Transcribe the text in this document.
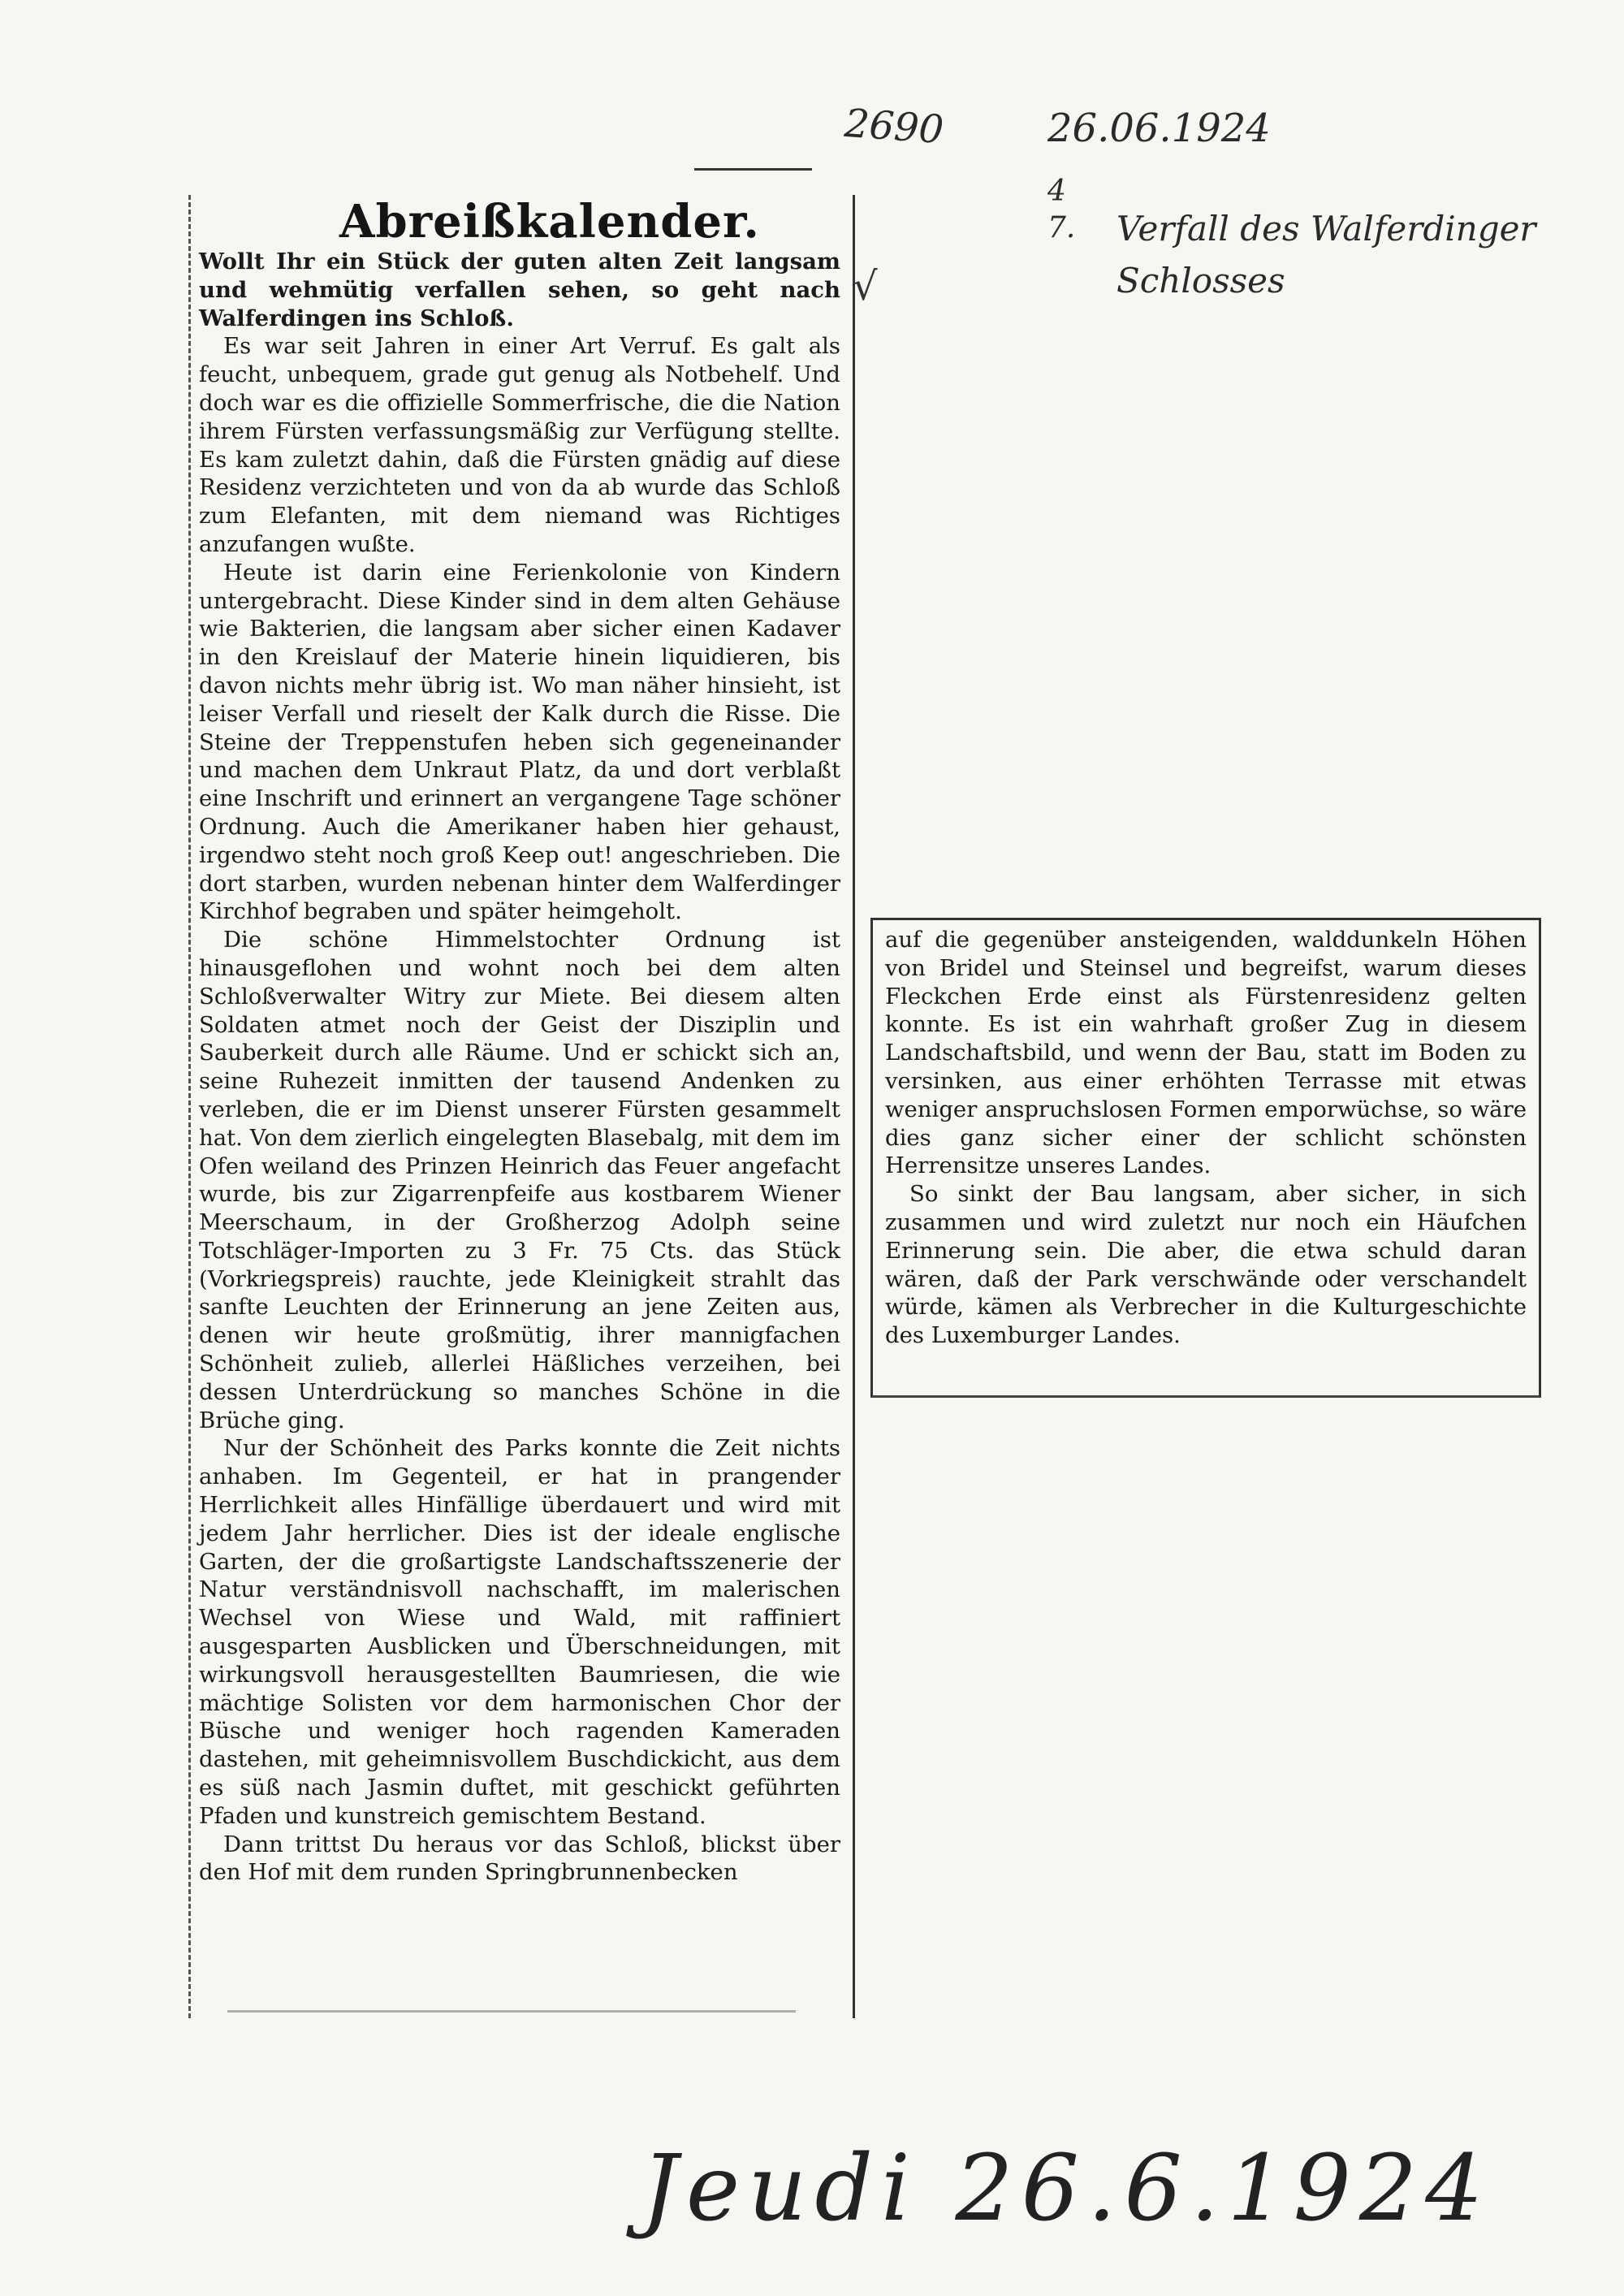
2690	26.06.1924
4
7. Verfall des Walferdinger Schlosses
Abreißkalender.
√

Wollt Ihr ein Stück der guten alten Zeit langsam und wehmütig verfallen sehen, so geht nach Walferdingen ins Schloß.

Es war seit Jahren in einer Art Verruf. Es galt als feucht, unbequem, grade gut genug als Notbehelf. Und doch war es die offizielle Sommerfrische, die die Nation ihrem Fürsten verfassungsmäßig zur Verfügung stellte. Es kam zuletzt dahin, daß die Fürsten gnädig auf diese Residenz verzichteten und von da ab wurde das Schloß zum Elefanten, mit dem niemand was Richtiges anzufangen wußte.

Heute ist darin eine Ferienkolonie von Kindern untergebracht. Diese Kinder sind in dem alten Gehäuse wie Bakterien, die langsam aber sicher einen Kadaver in den Kreislauf der Materie hinein liquidieren, bis davon nichts mehr übrig ist. Wo man näher hinsieht, ist leiser Verfall und rieselt der Kalk durch die Risse. Die Steine der Treppenstufen heben sich gegeneinander und machen dem Unkraut Platz, da und dort verblaßt eine Inschrift und erinnert an vergangene Tage schöner Ordnung. Auch die Amerikaner haben hier gehaust, irgendwo steht noch groß Keep out! angeschrieben. Die dort starben, wurden nebenan hinter dem Walferdinger Kirchhof begraben und später heimgeholt.

Die schöne Himmelstochter Ordnung ist hinausgeflohen und wohnt noch bei dem alten Schloßverwalter Witry zur Miete. Bei diesem alten Soldaten atmet noch der Geist der Disziplin und Sauberkeit durch alle Räume. Und er schickt sich an, seine Ruhezeit inmitten der tausend Andenken zu verleben, die er im Dienst unserer Fürsten gesammelt hat. Von dem zierlich eingelegten Blasebalg, mit dem im Ofen weiland des Prinzen Heinrich das Feuer angefacht wurde, bis zur Zigarrenpfeife aus kostbarem Wiener Meerschaum, in der Großherzog Adolph seine Totschläger-Importen zu 3 Fr. 75 Cts. das Stück (Vorkriegspreis) rauchte, jede Kleinigkeit strahlt das sanfte Leuchten der Erinnerung an jene Zeiten aus, denen wir heute großmütig, ihrer mannigfachen Schönheit zulieb, allerlei Häßliches verzeihen, bei dessen Unterdrückung so manches Schöne in die Brüche ging.

Nur der Schönheit des Parks konnte die Zeit nichts anhaben. Im Gegenteil, er hat in prangender Herrlichkeit alles Hinfällige überdauert und wird mit jedem Jahr herrlicher. Dies ist der ideale englische Garten, der die großartigste Landschaftsszenerie der Natur verständnisvoll nachschafft, im malerischen Wechsel von Wiese und Wald, mit raffiniert ausgesparten Ausblicken und Überschneidungen, mit wirkungsvoll herausgestellten Baumriesen, die wie mächtige Solisten vor dem harmonischen Chor der Büsche und weniger hoch ragenden Kameraden dastehen, mit geheimnisvollem Buschdickicht, aus dem es süß nach Jasmin duftet, mit geschickt geführten Pfaden und kunstreich gemischtem Bestand.

Dann trittst Du heraus vor das Schloß, blickst über den Hof mit dem runden Springbrunnenbecken

auf die gegenüber ansteigenden, walddunkeln Höhen von Bridel und Steinsel und begreifst, warum dieses Fleckchen Erde einst als Fürstenresidenz gelten konnte. Es ist ein wahrhaft großer Zug in diesem Landschaftsbild, und wenn der Bau, statt im Boden zu versinken, aus einer erhöhten Terrasse mit etwas weniger anspruchslosen Formen emporwüchse, so wäre dies ganz sicher einer der schlicht schönsten Herrensitze unseres Landes.

So sinkt der Bau langsam, aber sicher, in sich zusammen und wird zuletzt nur noch ein Häufchen Erinnerung sein. Die aber, die etwa schuld daran wären, daß der Park verschwände oder verschandelt würde, kämen als Verbrecher in die Kulturgeschichte des Luxemburger Landes.

Jeudi 26.6.1924
